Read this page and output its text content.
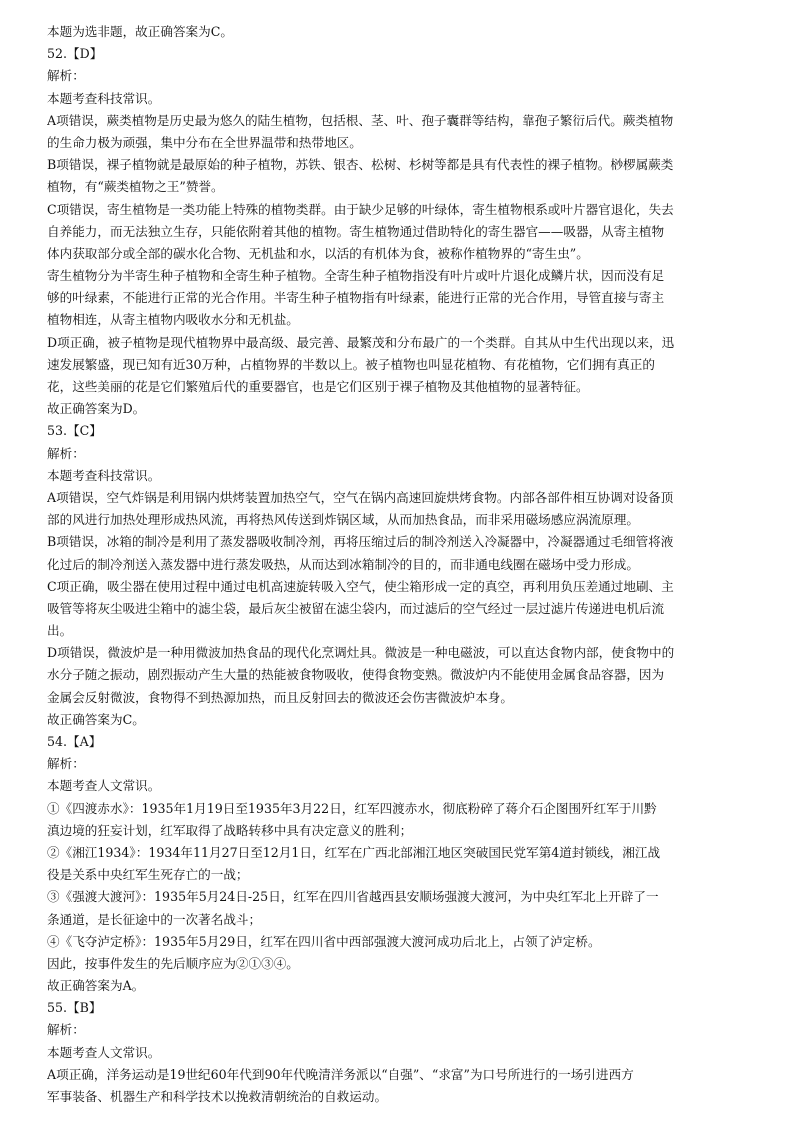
本题为选非题，故正确答案为C。
52.【D】
解析：
本题考查科技常识。
A项错误，蕨类植物是历史最为悠久的陆生植物，包括根、茎、叶、孢子囊群等结构，靠孢子繁衍后代。蕨类植物
的生命力极为顽强，集中分布在全世界温带和热带地区。
B项错误，裸子植物就是最原始的种子植物，苏铁、银杏、松树、杉树等都是具有代表性的裸子植物。桫椤属蕨类
植物，有“蕨类植物之王”赞誉。
C项错误，寄生植物是一类功能上特殊的植物类群。由于缺少足够的叶绿体，寄生植物根系或叶片器官退化，失去
自养能力，而无法独立生存，只能依附着其他的植物。寄生植物通过借助特化的寄生器官——吸器，从寄主植物
体内获取部分或全部的碳水化合物、无机盐和水，以活的有机体为食，被称作植物界的“寄生虫”。
寄生植物分为半寄生种子植物和全寄生种子植物。全寄生种子植物指没有叶片或叶片退化成鳞片状，因而没有足
够的叶绿素，不能进行正常的光合作用。半寄生种子植物指有叶绿素，能进行正常的光合作用，导管直接与寄主
植物相连，从寄主植物内吸收水分和无机盐。
D项正确，被子植物是现代植物界中最高级、最完善、最繁茂和分布最广的一个类群。自其从中生代出现以来，迅
速发展繁盛，现已知有近30万种，占植物界的半数以上。被子植物也叫显花植物、有花植物，它们拥有真正的
花，这些美丽的花是它们繁殖后代的重要器官，也是它们区别于裸子植物及其他植物的显著特征。
故正确答案为D。
53.【C】
解析：
本题考查科技常识。
A项错误，空气炸锅是利用锅内烘烤装置加热空气，空气在锅内高速回旋烘烤食物。内部各部件相互协调对设备顶
部的风进行加热处理形成热风流，再将热风传送到炸锅区域，从而加热食品，而非采用磁场感应涡流原理。
B项错误，冰箱的制冷是利用了蒸发器吸收制冷剂，再将压缩过后的制冷剂送入冷凝器中，冷凝器通过毛细管将液
化过后的制冷剂送入蒸发器中进行蒸发吸热，从而达到冰箱制冷的目的，而非通电线圈在磁场中受力形成。
C项正确，吸尘器在使用过程中通过电机高速旋转吸入空气，使尘箱形成一定的真空，再利用负压差通过地刷、主
吸管等将灰尘吸进尘箱中的滤尘袋，最后灰尘被留在滤尘袋内，而过滤后的空气经过一层过滤片传递进电机后流
出。
D项错误，微波炉是一种用微波加热食品的现代化烹调灶具。微波是一种电磁波，可以直达食物内部，使食物中的
水分子随之振动，剧烈振动产生大量的热能被食物吸收，使得食物变熟。微波炉内不能使用金属食品容器，因为
金属会反射微波，食物得不到热源加热，而且反射回去的微波还会伤害微波炉本身。
故正确答案为C。
54.【A】
解析：
本题考查人文常识。
①《四渡赤水》：1935年1月19日至1935年3月22日，红军四渡赤水，彻底粉碎了蒋介石企图围歼红军于川黔
滇边境的狂妄计划，红军取得了战略转移中具有决定意义的胜利；
②《湘江1934》：1934年11月27日至12月1日，红军在广西北部湘江地区突破国民党军第4道封锁线，湘江战
役是关系中央红军生死存亡的一战；
③《强渡大渡河》：1935年5月24日-25日，红军在四川省越西县安顺场强渡大渡河，为中央红军北上开辟了一
条通道，是长征途中的一次著名战斗；
④《飞夺泸定桥》：1935年5月29日，红军在四川省中西部强渡大渡河成功后北上，占领了泸定桥。
因此，按事件发生的先后顺序应为②①③④。
故正确答案为A。
55.【B】
解析：
本题考查人文常识。
A项正确，洋务运动是19世纪60年代到90年代晚清洋务派以“自强”、“求富”为口号所进行的一场引进西方
军事装备、机器生产和科学技术以挽救清朝统治的自救运动。
